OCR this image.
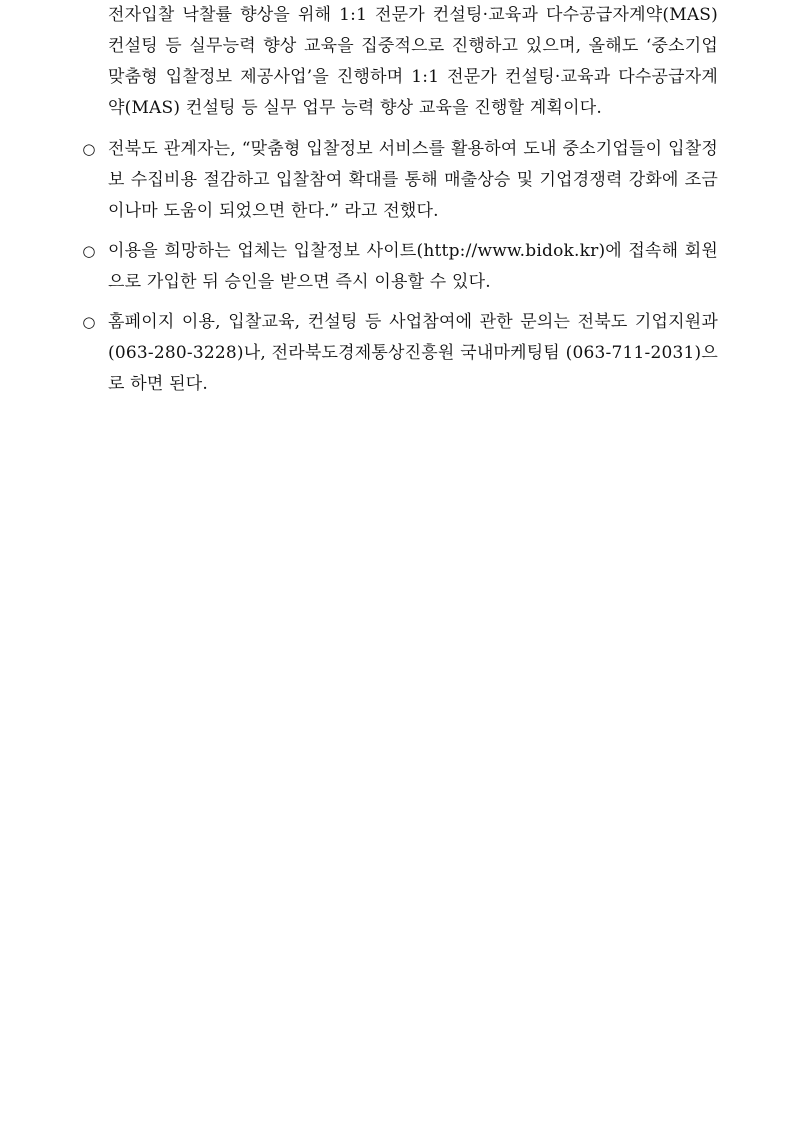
전자입찰 낙찰률 향상을 위해 1:1 전문가 컨설팅·교육과 다수공급자계약(MAS) 컨설팅 등 실무능력 향상 교육을 집중적으로 진행하고 있으며, 올해도 ‘중소기업 맞춤형 입찰정보 제공사업’을 진행하며 1:1 전문가 컨설팅·교육과 다수공급자계약(MAS) 컨설팅 등 실무 업무 능력 향상 교육을 진행할 계획이다.
○ 전북도 관계자는, “맞춤형 입찰정보 서비스를 활용하여 도내 중소기업들이 입찰정보 수집비용 절감하고 입찰참여 확대를 통해 매출상승 및 기업경쟁력 강화에 조금이나마 도움이 되었으면 한다.” 라고 전했다.
○ 이용을 희망하는 업체는 입찰정보 사이트(http://www.bidok.kr)에 접속해 회원으로 가입한 뒤 승인을 받으면 즉시 이용할 수 있다.
○ 홈페이지 이용, 입찰교육, 컨설팅 등 사업참여에 관한 문의는 전북도 기업지원과(063-280-3228)나, 전라북도경제통상진흥원 국내마케팅팀 (063-711-2031)으로 하면 된다.
